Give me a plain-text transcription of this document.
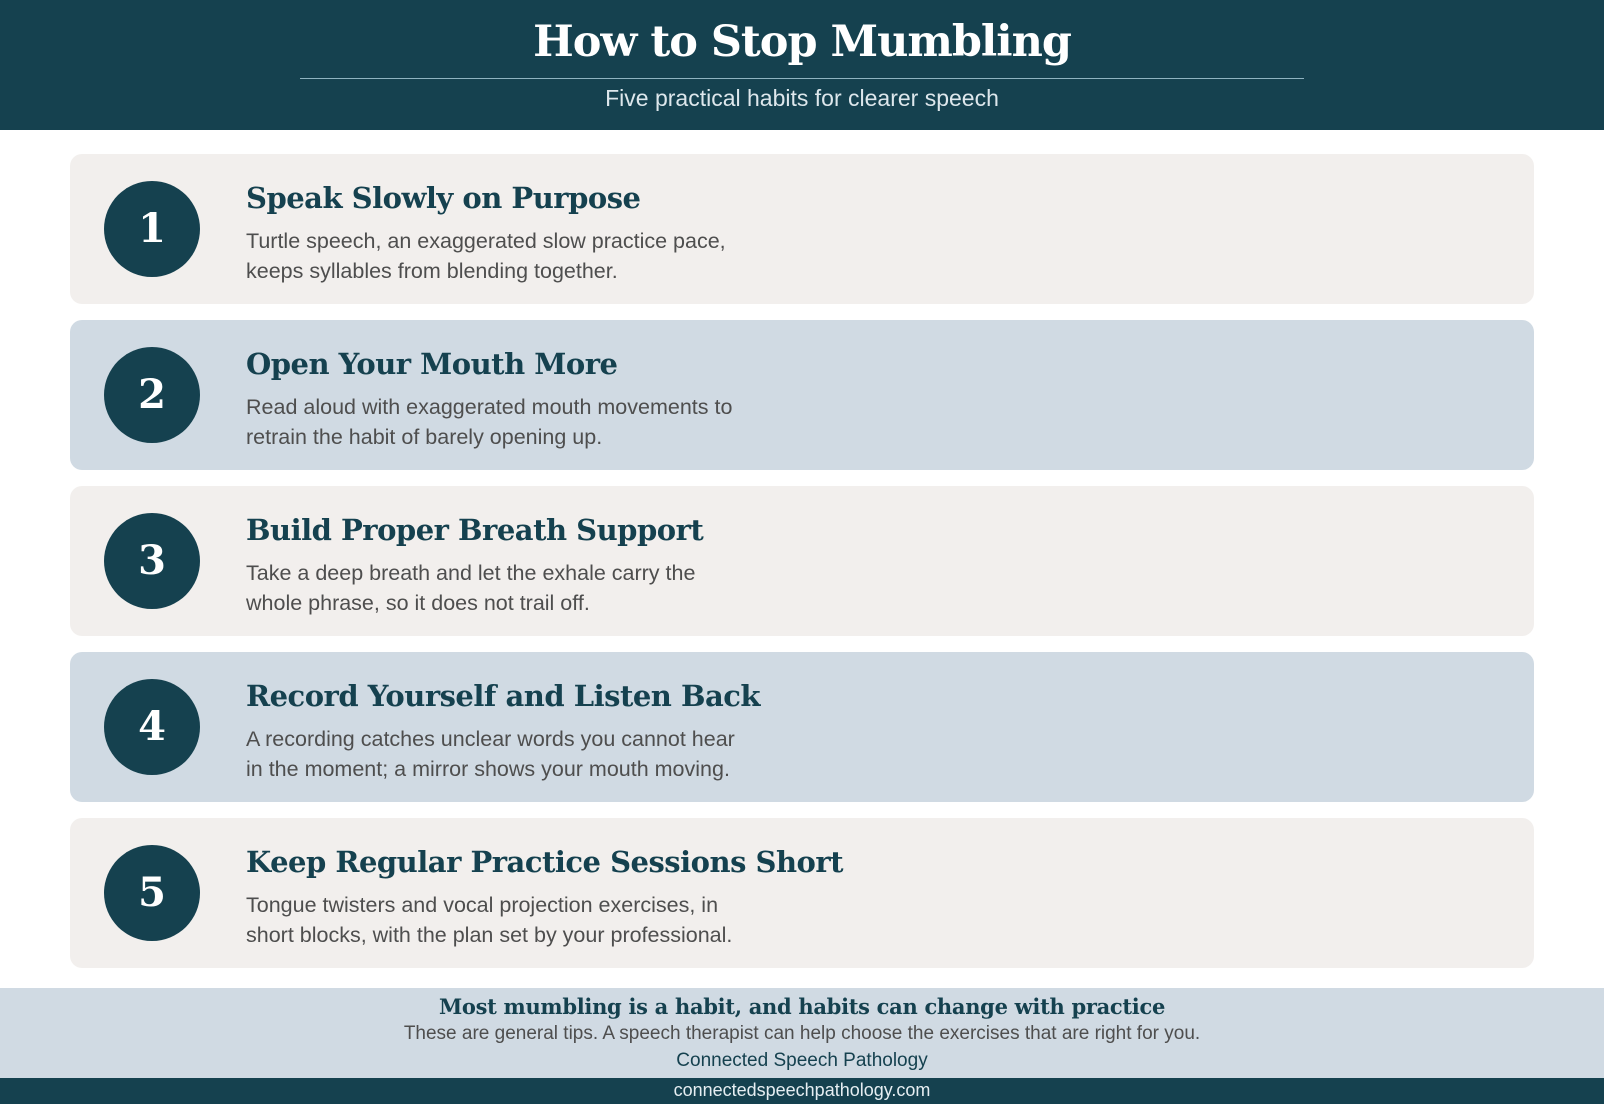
How to Stop Mumbling
Five practical habits for clearer speech
1
Speak Slowly on Purpose
Turtle speech, an exaggerated slow practice pace,
keeps syllables from blending together.
2
Open Your Mouth More
Read aloud with exaggerated mouth movements to
retrain the habit of barely opening up.
3
Build Proper Breath Support
Take a deep breath and let the exhale carry the
whole phrase, so it does not trail off.
4
Record Yourself and Listen Back
A recording catches unclear words you cannot hear
in the moment; a mirror shows your mouth moving.
5
Keep Regular Practice Sessions Short
Tongue twisters and vocal projection exercises, in
short blocks, with the plan set by your professional.
Most mumbling is a habit, and habits can change with practice
These are general tips. A speech therapist can help choose the exercises that are right for you.
Connected Speech Pathology
connectedspeechpathology.com
